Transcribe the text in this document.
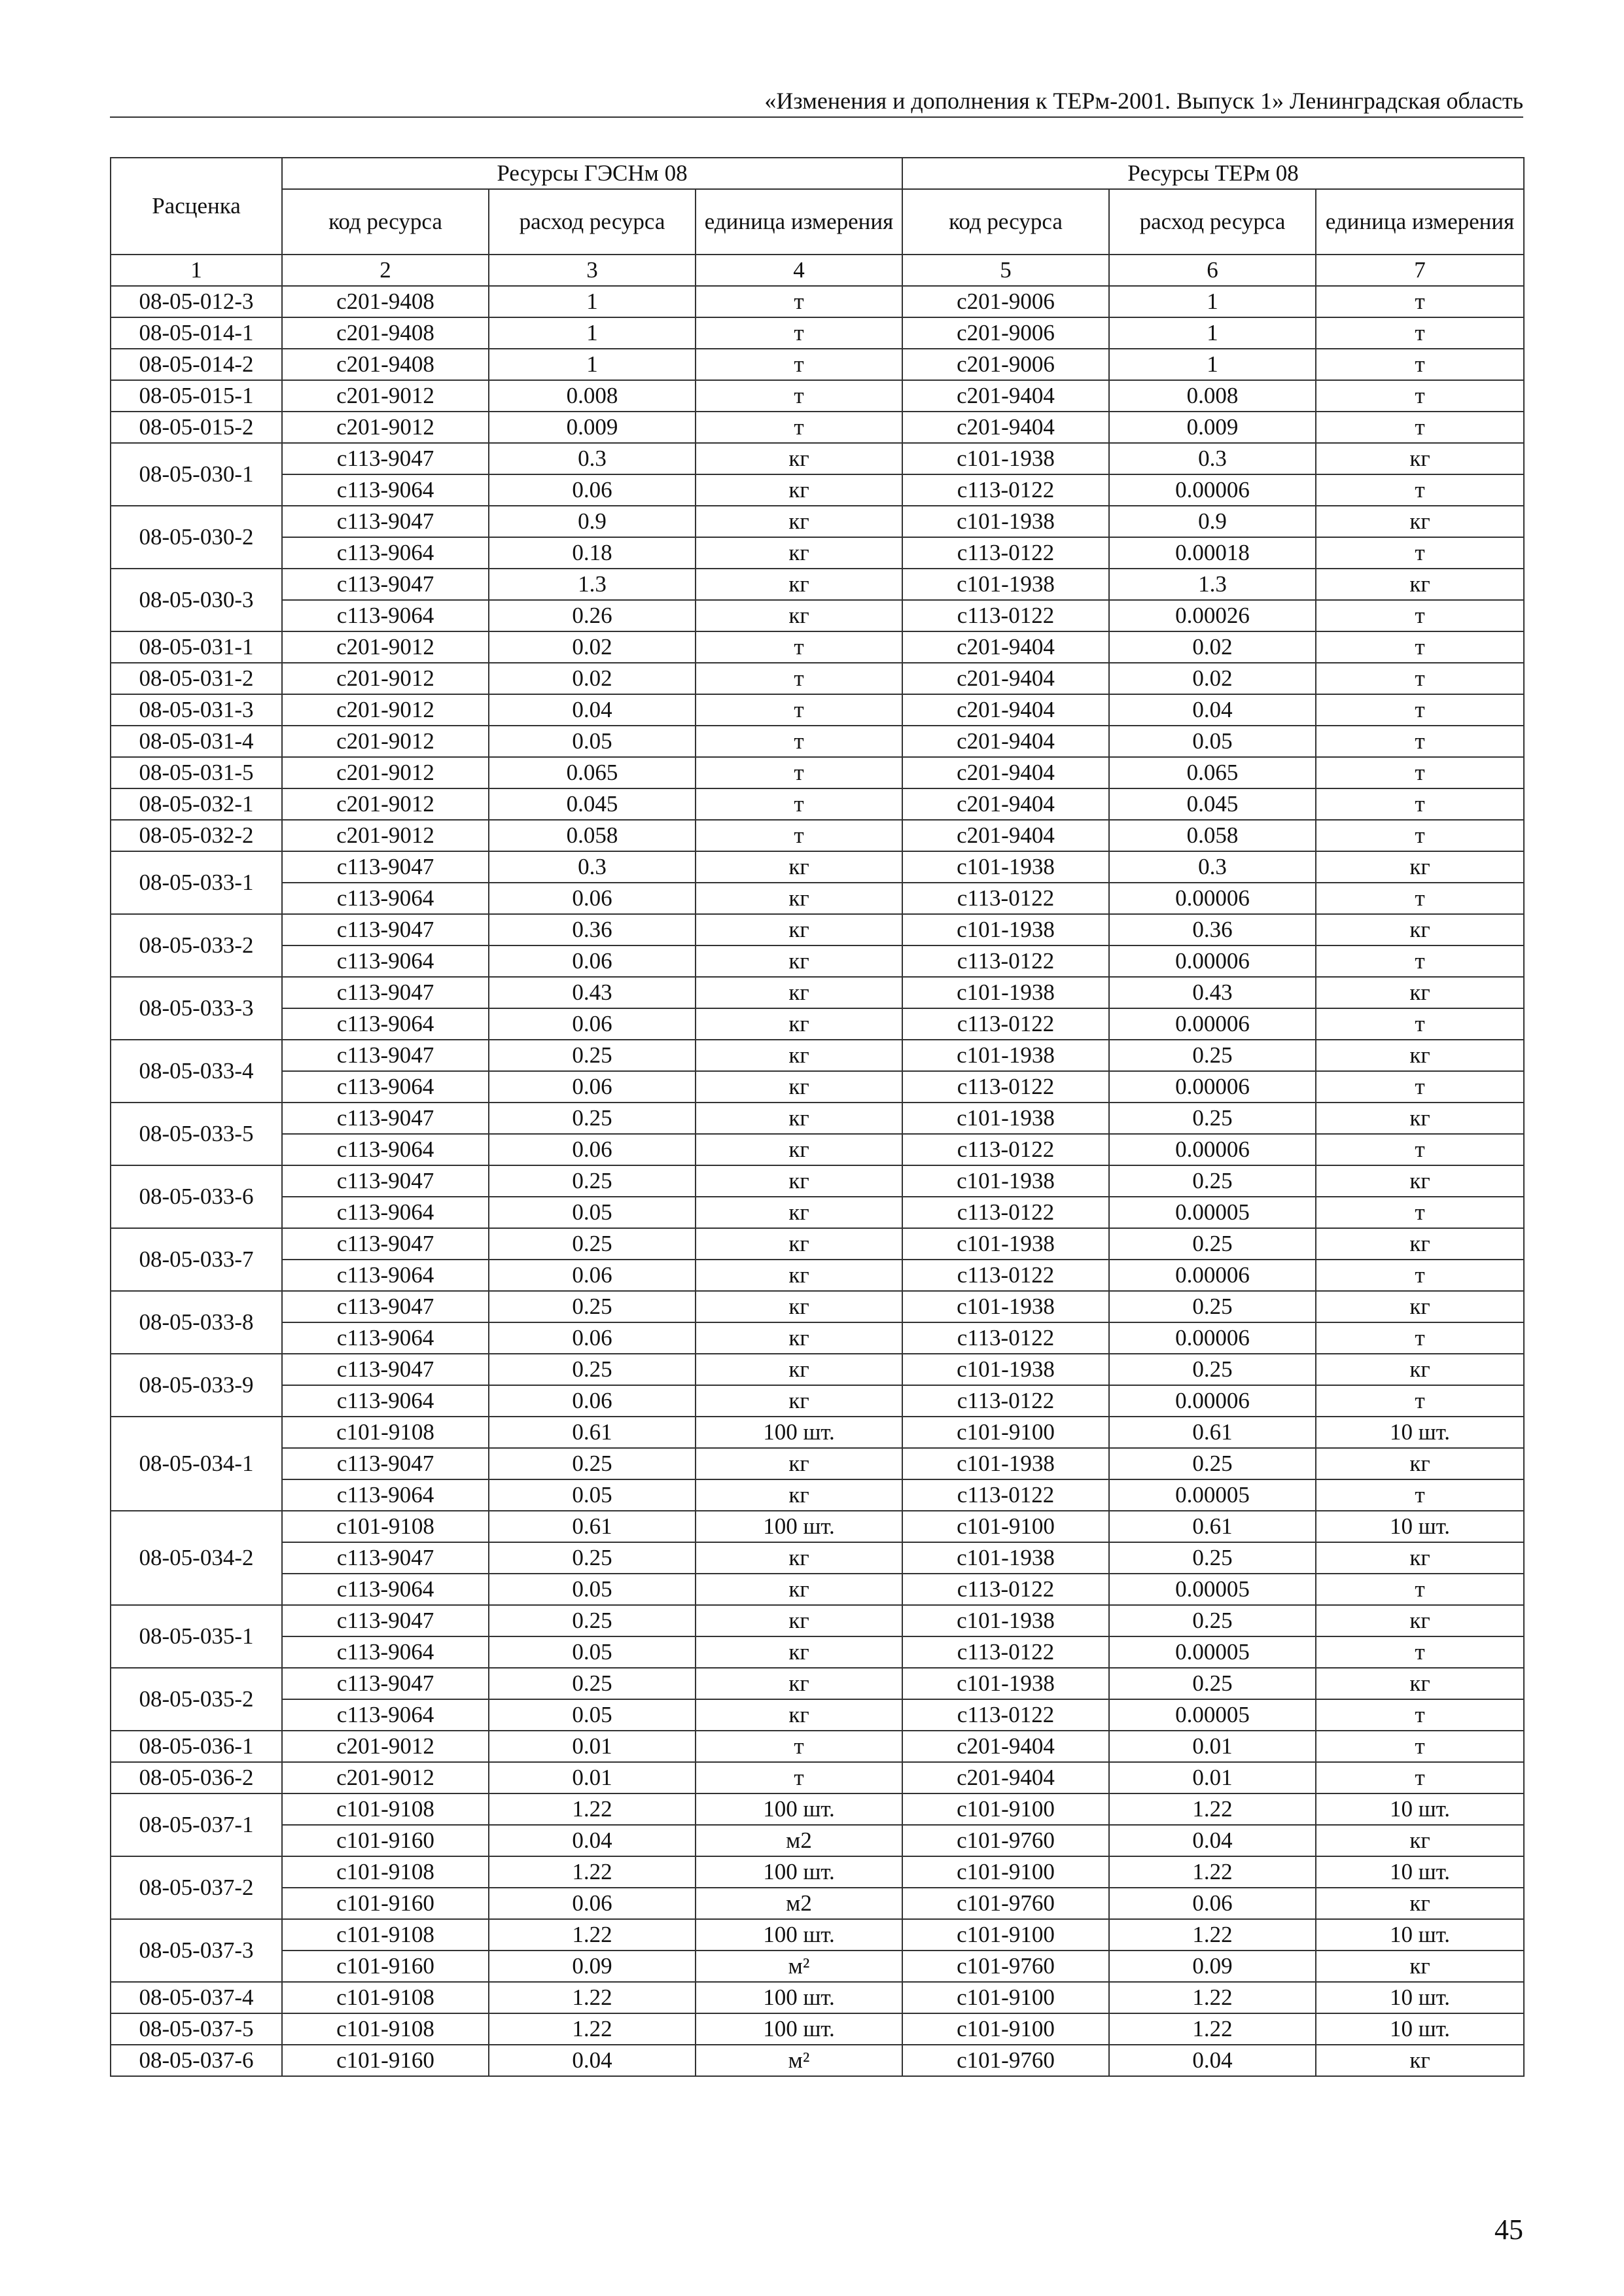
«Изменения и дополнения к ТЕРм-2001. Выпуск 1» Ленинградская область
Расценка	Ресурсы ГЭСНм 08			Ресурсы ТЕРм 08		
	код ресурса	расход ресурса	единица измерения	код ресурса	расход ресурса	единица измерения
1	2	3	4	5	6	7
08-05-012-3	с201-9408	1	т	с201-9006	1	т
08-05-014-1	с201-9408	1	т	с201-9006	1	т
08-05-014-2	с201-9408	1	т	с201-9006	1	т
08-05-015-1	с201-9012	0.008	т	с201-9404	0.008	т
08-05-015-2	с201-9012	0.009	т	с201-9404	0.009	т
08-05-030-1	с113-9047	0.3	кг	с101-1938	0.3	кг
	с113-9064	0.06	кг	с113-0122	0.00006	т
08-05-030-2	с113-9047	0.9	кг	с101-1938	0.9	кг
	с113-9064	0.18	кг	с113-0122	0.00018	т
08-05-030-3	с113-9047	1.3	кг	с101-1938	1.3	кг
	с113-9064	0.26	кг	с113-0122	0.00026	т
08-05-031-1	с201-9012	0.02	т	с201-9404	0.02	т
08-05-031-2	с201-9012	0.02	т	с201-9404	0.02	т
08-05-031-3	с201-9012	0.04	т	с201-9404	0.04	т
08-05-031-4	с201-9012	0.05	т	с201-9404	0.05	т
08-05-031-5	с201-9012	0.065	т	с201-9404	0.065	т
08-05-032-1	с201-9012	0.045	т	с201-9404	0.045	т
08-05-032-2	с201-9012	0.058	т	с201-9404	0.058	т
08-05-033-1	с113-9047	0.3	кг	с101-1938	0.3	кг
	с113-9064	0.06	кг	с113-0122	0.00006	т
08-05-033-2	с113-9047	0.36	кг	с101-1938	0.36	кг
	с113-9064	0.06	кг	с113-0122	0.00006	т
08-05-033-3	с113-9047	0.43	кг	с101-1938	0.43	кг
	с113-9064	0.06	кг	с113-0122	0.00006	т
08-05-033-4	с113-9047	0.25	кг	с101-1938	0.25	кг
	с113-9064	0.06	кг	с113-0122	0.00006	т
08-05-033-5	с113-9047	0.25	кг	с101-1938	0.25	кг
	с113-9064	0.06	кг	с113-0122	0.00006	т
08-05-033-6	с113-9047	0.25	кг	с101-1938	0.25	кг
	с113-9064	0.05	кг	с113-0122	0.00005	т
08-05-033-7	с113-9047	0.25	кг	с101-1938	0.25	кг
	с113-9064	0.06	кг	с113-0122	0.00006	т
08-05-033-8	с113-9047	0.25	кг	с101-1938	0.25	кг
	с113-9064	0.06	кг	с113-0122	0.00006	т
08-05-033-9	с113-9047	0.25	кг	с101-1938	0.25	кг
	с113-9064	0.06	кг	с113-0122	0.00006	т
08-05-034-1	с101-9108	0.61	100 шт.	с101-9100	0.61	10 шт.
	с113-9047	0.25	кг	с101-1938	0.25	кг
	с113-9064	0.05	кг	с113-0122	0.00005	т
08-05-034-2	с101-9108	0.61	100 шт.	с101-9100	0.61	10 шт.
	с113-9047	0.25	кг	с101-1938	0.25	кг
	с113-9064	0.05	кг	с113-0122	0.00005	т
08-05-035-1	с113-9047	0.25	кг	с101-1938	0.25	кг
	с113-9064	0.05	кг	с113-0122	0.00005	т
08-05-035-2	с113-9047	0.25	кг	с101-1938	0.25	кг
	с113-9064	0.05	кг	с113-0122	0.00005	т
08-05-036-1	с201-9012	0.01	т	с201-9404	0.01	т
08-05-036-2	с201-9012	0.01	т	с201-9404	0.01	т
08-05-037-1	с101-9108	1.22	100 шт.	с101-9100	1.22	10 шт.
	с101-9160	0.04	м2	с101-9760	0.04	кг
08-05-037-2	с101-9108	1.22	100 шт.	с101-9100	1.22	10 шт.
	с101-9160	0.06	м2	с101-9760	0.06	кг
08-05-037-3	с101-9108	1.22	100 шт.	с101-9100	1.22	10 шт.
	с101-9160	0.09	м²	с101-9760	0.09	кг
08-05-037-4	с101-9108	1.22	100 шт.	с101-9100	1.22	10 шт.
08-05-037-5	с101-9108	1.22	100 шт.	с101-9100	1.22	10 шт.
08-05-037-6	с101-9160	0.04	м²	с101-9760	0.04	кг
45
